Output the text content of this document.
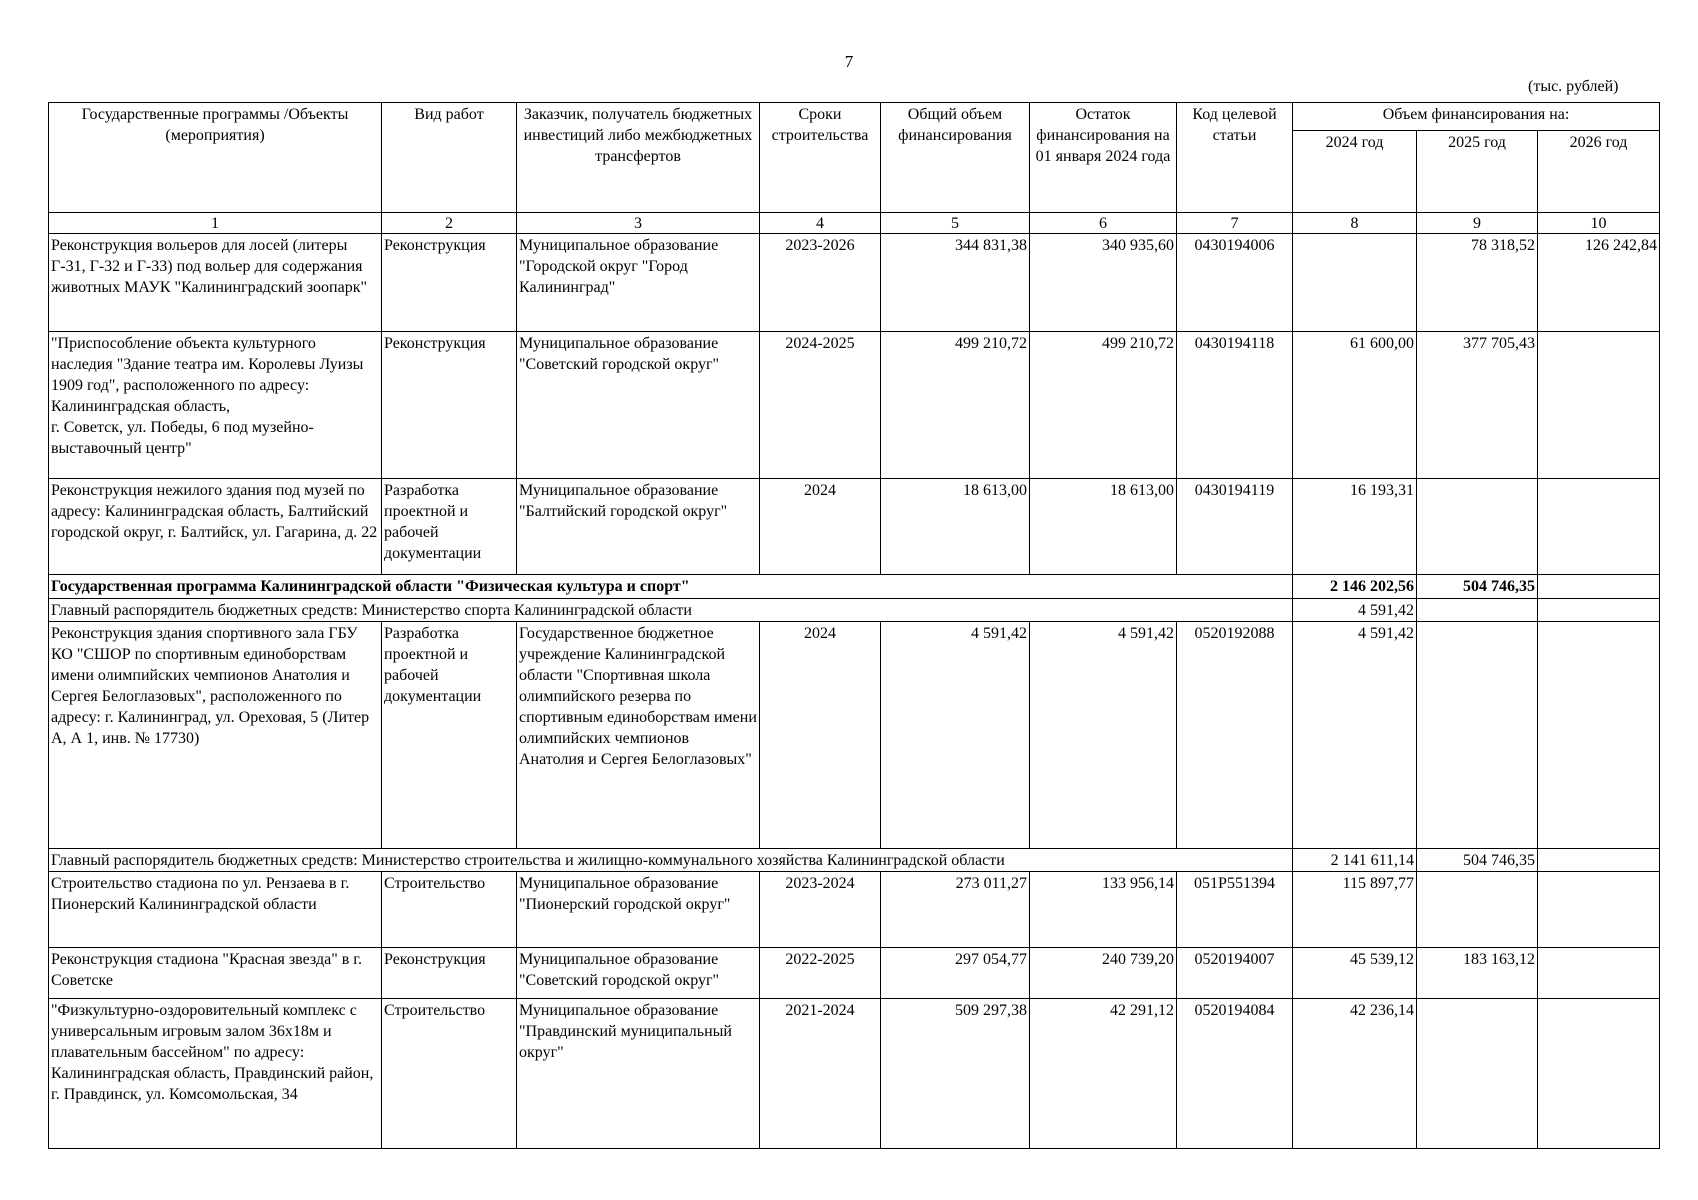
7
(тыс. рублей)
Государственные программы /Объекты (мероприятия)	Вид работ	Заказчик, получатель бюджетных инвестиций либо межбюджетных трансфертов	Сроки строительства	Общий объем финансирования	Остаток финансирования на 01 января 2024 года	Код целевой статьи	Объем финансирования на:		
							2024 год	2025 год	2026 год
1	2	3	4	5	6	7	8	9	10
Реконструкция вольеров для лосей (литеры Г-31, Г-32 и Г-33) под вольер для содержания животных МАУК "Калининградский зоопарк"	Реконструкция	Муниципальное образование "Городской округ "Город Калининград"	2023-2026	344 831,38	340 935,60	0430194006		78 318,52	126 242,84
"Приспособление объекта культурного наследия "Здание театра им. Королевы Луизы 1909 год", расположенного по адресу: Калининградская область,
г. Советск, ул. Победы, 6 под музейно-выставочный центр"	Реконструкция	Муниципальное образование "Советский городской округ"	2024-2025	499 210,72	499 210,72	0430194118	61 600,00	377 705,43	
Реконструкция нежилого здания под музей по адресу: Калининградская область, Балтийский городской округ, г. Балтийск, ул. Гагарина, д. 22	Разработка проектной и рабочей документации	Муниципальное образование "Балтийский городской округ"	2024	18 613,00	18 613,00	0430194119	16 193,31		
Государственная программа Калининградской области "Физическая культура и спорт"							2 146 202,56	504 746,35	
Главный распорядитель бюджетных средств: Министерство спорта Калининградской области							4 591,42		
Реконструкция здания спортивного зала ГБУ КО "СШОР по спортивным единоборствам имени олимпийских чемпионов Анатолия и Сергея Белоглазовых", расположенного по адресу: г. Калининград, ул. Ореховая, 5 (Литер А, А 1, инв. № 17730)	Разработка проектной и рабочей документации	Государственное бюджетное учреждение Калининградской области "Спортивная школа олимпийского резерва по спортивным единоборствам имени олимпийских чемпионов Анатолия и Сергея Белоглазовых"	2024	4 591,42	4 591,42	0520192088	4 591,42		
Главный распорядитель бюджетных средств: Министерство строительства и жилищно-коммунального хозяйства Калининградской области							2 141 611,14	504 746,35	
Строительство стадиона по ул. Рензаева в г. Пионерский Калининградской области	Строительство	Муниципальное образование "Пионерский городской округ"	2023-2024	273 011,27	133 956,14	051P551394	115 897,77		
Реконструкция стадиона "Красная звезда" в г. Советске	Реконструкция	Муниципальное образование "Советский городской округ"	2022-2025	297 054,77	240 739,20	0520194007	45 539,12	183 163,12	
"Физкультурно-оздоровительный комплекс с универсальным игровым залом 36х18м и плавательным бассейном" по адресу: Калининградская область, Правдинский район,
г. Правдинск, ул. Комсомольская, 34	Строительство	Муниципальное образование "Правдинский муниципальный округ"	2021-2024	509 297,38	42 291,12	0520194084	42 236,14		
